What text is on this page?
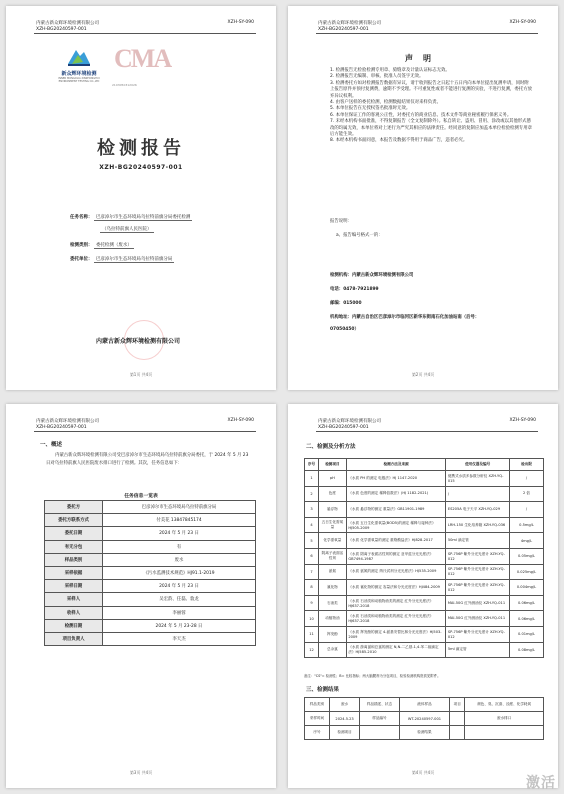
内蒙古新众辉环境检测有限公司	XZH-SY-090
XZH-BG20240597-001
新众辉环境检测
INNER MONGOLIA XINZHONGHUI ENVIRONMENT TESTING CO.,LTD
CMA
2103050312026
检测报告
XZH-BG20240597-001
任务名称： 巴彦淖尔市生态环境局乌拉特前旗分局委托检测
（乌拉特前旗人民医院）
检测类别： 委托检测（废水）
委托单位： 巴彦淖尔市生态环境局乌拉特前旗分局
内蒙古新众辉环境检测有限公司
第1页 共4页
内蒙古新众辉环境检测有限公司	XZH-SY-090
XZH-BG20240597-001
声明

1. 检测报告无检验检测专用章、骑缝章及计量认证标志无效。

2. 检测报告无编制、审核、批准人员签字无效。

3. 检测委托方如对检测报告数据有异议，请于收到报告之日起十五日内向本单位提出复测申请，同时附上报告原件并预付复测费，逾期不予受理。不可重复性或者不能进行复测的实验，不进行复测，委托方放弃异议权利。

4. 由客户送样的委托检测，检测数据结果仅对来样负责。

5. 本单位报告在无授权签名批准时无效。

6. 本单位保证工作的客观公正性，对委托方的商业信息、技术文件等商业秘密履行保密义务。

7. 未经本机构书面批准，不得复制报告（全文复制除外）。私自转让、盗用、冒用、涂改或以其他形式篡改的均属无效，本单位将对上述行为严究其相应的法律责任。经同意的复制应加盖本单位检验检测专用章后方能生效。

8. 本经本机构书面同意，本报告及数据不得用于商品广告，违者必究。

报告说明：
a、报告编号格式一的：
检测机构：内蒙古新众辉环境检测有限公司
电话：0478-7921899
邮编：015000
机构地址：内蒙古自治区巴彦淖尔市临河区新华东街南石化加油站南（后号：
07050450）
第2页 共4页
内蒙古新众辉环境检测有限公司	XZH-SY-090
XZH-BG20240597-001
一、概述
内蒙古新众辉环境检测有限公司受巴彦淖尔市生态环境局乌拉特前旗分局委托，于 2024 年 5 月 23 日对乌拉特前旗人民医院废水排口进行了检测。其次，任务信息如下：
任务信息一览表
委托方	巴彦淖尔市生态环境局乌拉特前旗分局
委托方联系方式	付美花 13847845174
委托日期	2024 年 5 月 23 日
有无分包	有
样品类别	废水
采样依据	《污水监测技术规范》HJ91.1-2019
采样日期	2024 年 5 月 23 日
采样人	吴宏韵、任磊、敦龙
收样人	李丽蓉
检测日期	2024 年 5 月 23-28 日
项目负责人	李天杰
第3页 共4页
内蒙古新众辉环境检测有限公司	XZH-SY-090
XZH-BG20240597-001
二、检测及分析方法
序号	检测项目	检测方法及来源	使用仪器及编号	检出限
1	pH	《水质 PH 的测定 电极法》HJ 1147-2020	便携式水质多参数分析仪 XZH-YQ-015	/
2	色度	《水质 色度的测定 稀释倍数法》(HJ 1182-2021)	/	2 倍
3	悬浮物	《水质 悬浮物的测定 重量法》GB11901-1989	ES205A 电子天平 XZH-YQ-029	/
4	五日生化需氧量	《水质 五日生化需氧量(BOD5)的测定 稀释与接种法》HJ505-2009	LRH-150 生化培养箱 XZH-YQ-036	0.5mg/L
5	化学需氧量	《水质 化学需氧量的测定 重铬酸盐法》HJ828-2017	50ml 滴定管	4mg/L
6	阴离子表面活性剂	《水质 阴离子表面活性剂的测定 亚甲蓝分光光度法》GB7494-1987	SP-756P 紫外分光光度计 XZH-YQ-012	0.05mg/L
7	氨氮	《水质 氨氮的测定 纳氏试剂分光光度法》HJ535-2009	SP-756P 紫外分光光度计 XZH-YQ-012	0.025mg/L
8	氰化物	《水质 氰化物的测定 容量法和分光光度法》HJ484-2009	SP-756P 紫外分光光度计 XZH-YQ-012	0.004mg/L
9	石油类	《水质 石油类和动植物油类的测定 红外分光光度法》HJ637-2018	MAI-50G 红外测油仪 XZH-YQ-011	0.06mg/L
10	动植物油	《水质 石油类和动植物油类的测定 红外分光光度法》HJ637-2018	MAI-50G 红外测油仪 XZH-YQ-011	0.06mg/L
11	挥发酚	《水质 挥发酚的测定 4-氨基安替比林分光光度法》HJ503-2009	SP-756P 紫外分光光度计 XZH-YQ-012	0.01mg/L
12	总余氯	《水质 游离氯和总氯的测定 N,N-二乙基-1,4-苯二胺滴定法》HJ585-2010	5ml 滴定管	0.08mg/L
备注："CS"= 检测性；B= 比较指标；两大脑膜剂为分包项目，检验检测机构资质见附件。
三、检测结果
样品类别	废水	样品描述、状态	液体样品	项目	颜色、臭、沉渣、浊度、化学耗氧
采样时间	2024.5.23	样品编号	WT-20240597-001		废水排口
序号	检测项目		检测结果		
第4页 共4页
激活
